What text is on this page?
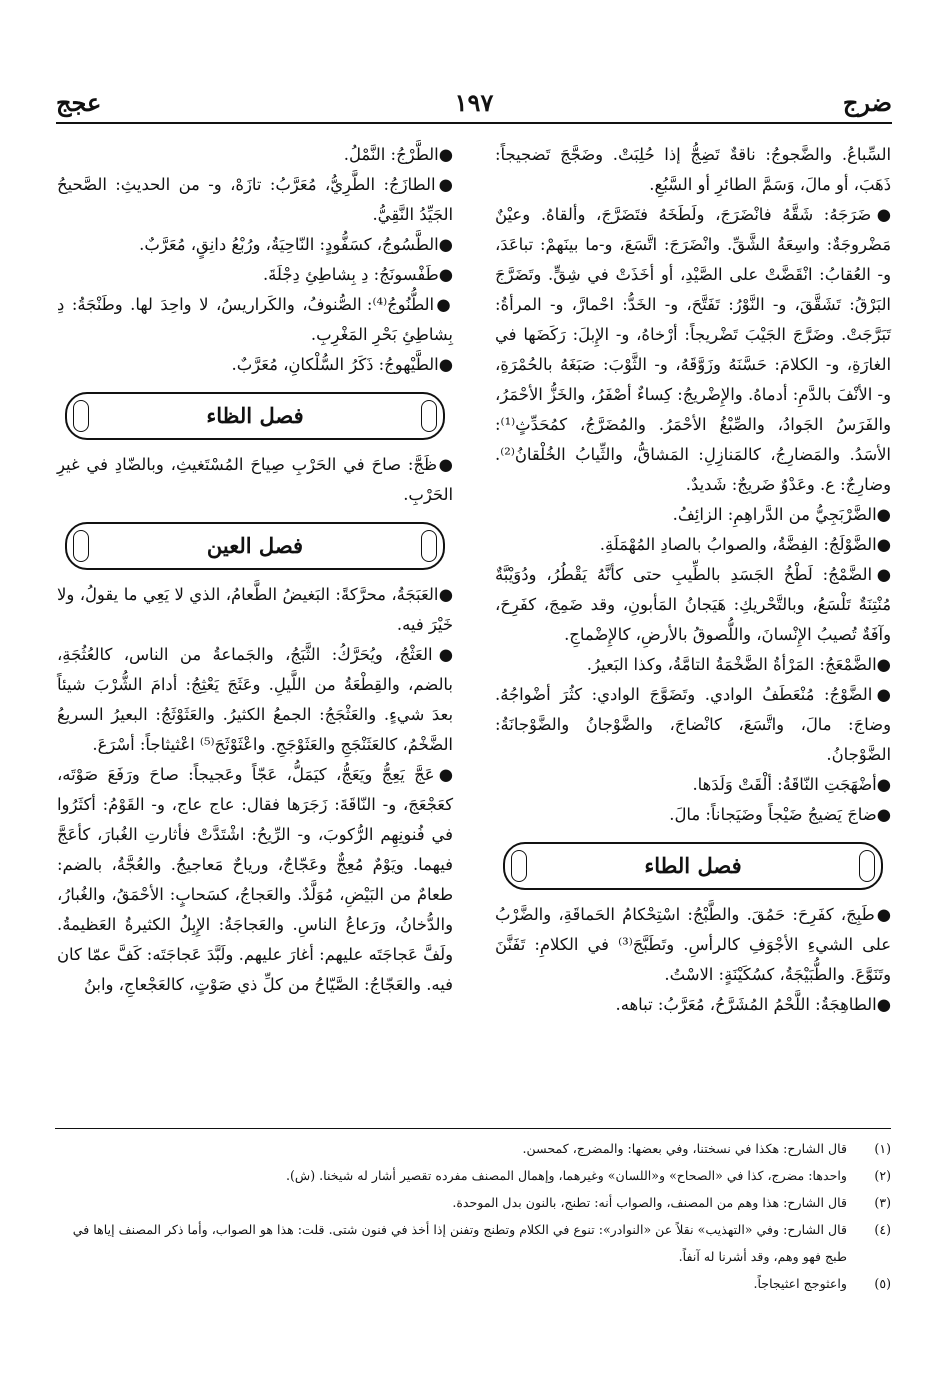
ضرج
١٩٧
عجج

السِّباعُ. والضَّجوجُ: ناقةٌ تَضِجُّ إذا حُلِبَتْ. وضَجَّجَ تَضجيجاً: ذَهَبَ، أو مالَ، وَسَمَّ الطائرِ أو السَّبُعِ.

●ضَرَجَهُ: شَقَّهُ فانْضَرَجَ، ولَطَخَهُ فتَضَرَّجَ، وألقاهُ. وعيْنٌ مَضْروجَةٌ: واسِعَةُ الشَّقِّ. وانْضَرَجَ: اتَّسَعَ، و-ما بينَهمْ: تباعَدَ، و- العُقابُ: انْقَضَّتْ على الصَّيْدِ، أو أخَذَتْ في شِقٍّ. وتَضَرَّجَ البَرْقُ: تَشَقَّقَ، و- النَّوْرُ: تَفَتَّحَ، و- الخَدُّ: احْمارَّ، و- المرأةُ: تَبَرَّجَتْ. وضَرَّجَ الجَيْبَ تَضْريجاً: أرْخاهُ، و- الإِبلَ: رَكَضَها في الغارَةِ، و- الكلامَ: حَسَّنَهُ وزَوَّقَهُ، و- الثَّوْبَ: صَبَغَهُ بالحُمْرَةِ، و- الأنْفَ بالدَّمِ: أدماهُ. والإِضْريجُ: كِساءٌ أصْفَرُ، والخَزُّ الأحْمَرُ، والفَرَسُ الجَوادُ، والصِّبْغُ الأحْمَرُ. والمُضَرَّجُ، كمُحَدِّثٍ⁽¹⁾: الأسَدُ. والمَضارِجُ، كالمَنازِلِ: المَشاقُّ، والثِّيابُ الخُلْقانُ⁽²⁾. وضارِجٌ: ع. وعَدْوٌ ضَريجٌ: شَديدٌ.

●الضَّرْبَجِيُّ من الدَّراهِمِ: الزائِفُ.

●الضَّوْلَجُ: الفِضَّةُ، والصوابُ بالصادِ المُهْمَلَةِ.

●الضَّمْجُ: لَطْخُ الجَسَدِ بالطِّيبِ حتى كأنَّهُ يَقْطُرُ، ودُوَيْبَّةٌ مُنْتِنَةٌ تَلْسَعُ، وبالتَّحْريكِ: هَيَجانُ المَأبونِ، وقد ضَمِجَ، كفَرِحَ، وآفَةٌ تُصيبُ الإِنْسانَ، واللُّصوقُ بالأرضِ، كالإِضْماجِ.

●الضَّمْعَجُ: المَرْأةُ الضَّخْمَةُ التامَّةُ، وكذا البَعيرُ.

●الضَّوْجُ: مُنْعَطَفُ الوادي. وتَضَوَّجَ الوادي: كثُرَ أضْواجُهُ. وضاجَ: مالَ، واتَّسَعَ، كانْضاجَ، والضَّوْجانُ والضَّوْجانَةُ: الضَّوْجانُ.

●أضْهَجَتِ النّاقَةُ: ألْقَتْ وَلَدَها.

●ضاجَ يَضيجُ ضَيْجاً وضَيَجاناً: مالَ.

فصل الطاء

●طَبِجَ، كفَرِحَ: حَمُقَ. والطَّبْجُ: اسْتِحْكامُ الحَماقَةِ، والضَّرْبُ على الشيءِ الأجْوَفِ كالرأسِ. وتَطَبَّجَ⁽³⁾ في الكلامِ: تَفَنَّنَ وتَنَوَّعَ. والطُّبَيْجَةُ، كسُكَيْنَةٍ: الاسْتُ.

●الطاهِجَةُ: اللَّحْمُ المُشَرَّحُ، مُعَرَّبُ: تباهه.

●الطَّرْجُ: النَّمْلُ.

●الطازَجُ: الطَّرِيُّ، مُعَرَّبُ: تازَهْ، و- من الحديثِ: الصَّحيحُ الجَيِّدُ النَّقِيُّ.

●الطَّسُوجُ، كسَفُّودٍ: النّاحِيَةُ، ورُبْعُ دانِقٍ، مُعَرَّبٌ.

●طَفْسونَجُ: دِ بِشاطِئِ دِجْلَةَ.

●الطُّنُوجُ⁽⁴⁾: الصُّنوفُ، والكَراريسُ، لا واحِدَ لها. وطَنْجَةُ: دِ بِشاطِئِ بَحْرِ المَغْرِبِ.

●الطَّيْهوجُ: ذَكَرُ السُّلْكانِ، مُعَرَّبٌ.

فصل الظاء

●ظَجَّ: صاحَ في الحَرْبِ صِياحَ المُسْتَغيثِ، وبالضّادِ في غيرِ الحَرْبِ.

فصل العين

●العَبَجَةُ، محرَّكةً: البَغيضُ الطَّعامُ، الذي لا يَعِي ما يقولُ، ولا خَيْرَ فيه.

●العَثْجُ، ويُحَرَّكُ: الثَّبَجُ، والجَماعةُ من الناس، كالعُثُجَةِ، بالضم، والقِطْعَةُ من اللَّيلِ. وعَثَجَ يَعْثِجُ: أدامَ الشُّرْبَ شيئاً بعدَ شيءٍ. والعَثْجَجُ: الجمعُ الكثيرُ. والعَثَوْثَجُ: البعيرُ السريعُ الضَّخْمُ، كالعَثَنْجَجِ والعَثَوْجَجِ. واعْثَوْثَجَ⁽⁵⁾ اعْثيثاجاً: أسْرَعَ.

●عَجَّ يَعِجُّ ويَعَجُّ، كيَمَلُّ، عَجّاً وعَجيجاً: صاحَ ورَفَعَ صَوْتَه، كعَجْعَجَ، و- النّاقَةَ: زَجَرَها فقال: عاج عاج، و- القَوْمُ: أكثَرُوا في فُنونِهِم الرُّكوبَ، و- الرِّيحُ: اشْتَدَّتْ فأثارتِ الغُبارَ، كأعَجَّ فيهما. ويَوْمٌ مُعِجٌّ وعَجّاجٌ، ورياحٌ مَعاجيجُ. والعُجَّةُ، بالضم: طعامٌ من البَيْضِ، مُوَلَّدٌ. والعَجاجُ، كسَحابٍ: الأحْمَقُ، والغُبارُ، والدُّخانُ، ورَعاعُ الناسِ. والعَجاجَةُ: الإِبِلُ الكثيرةُ العَظيمةُ. ولَفَّ عَجاجَتَه عليهم: أغارَ عليهم. ولَبَّدَ عَجاجَتَه: كَفَّ عمّا كان فيه. والعَجّاجُ: الصَّيّاحُ من كلِّ ذي صَوْتٍ، كالعَجْعاجِ، وابنُ

(١)
قال الشارح: هكذا في نسختنا، وفي بعضها: والمضرج، كمحسن.
(٢)
واحدها: مضرج، كذا في «الصحاح» و«اللسان» وغيرهما، وإهمال المصنف مفرده تقصير أشار له شيخنا. (ش).
(٣)
قال الشارح: هذا وهم من المصنف، والصواب أنه: تطنج، بالنون بدل الموحدة.
(٤)
قال الشارح: وفي «التهذيب» نقلاً عن «النوادر»: تنوع في الكلام وتطنج وتفنن إذا أخذ في فنون شتى. قلت: هذا هو الصواب، وأما ذكر المصنف إياها في طبج فهو وهم، وقد أشرنا له آنفاً.
(٥)
واعثوجج اعثيجاجاً.
